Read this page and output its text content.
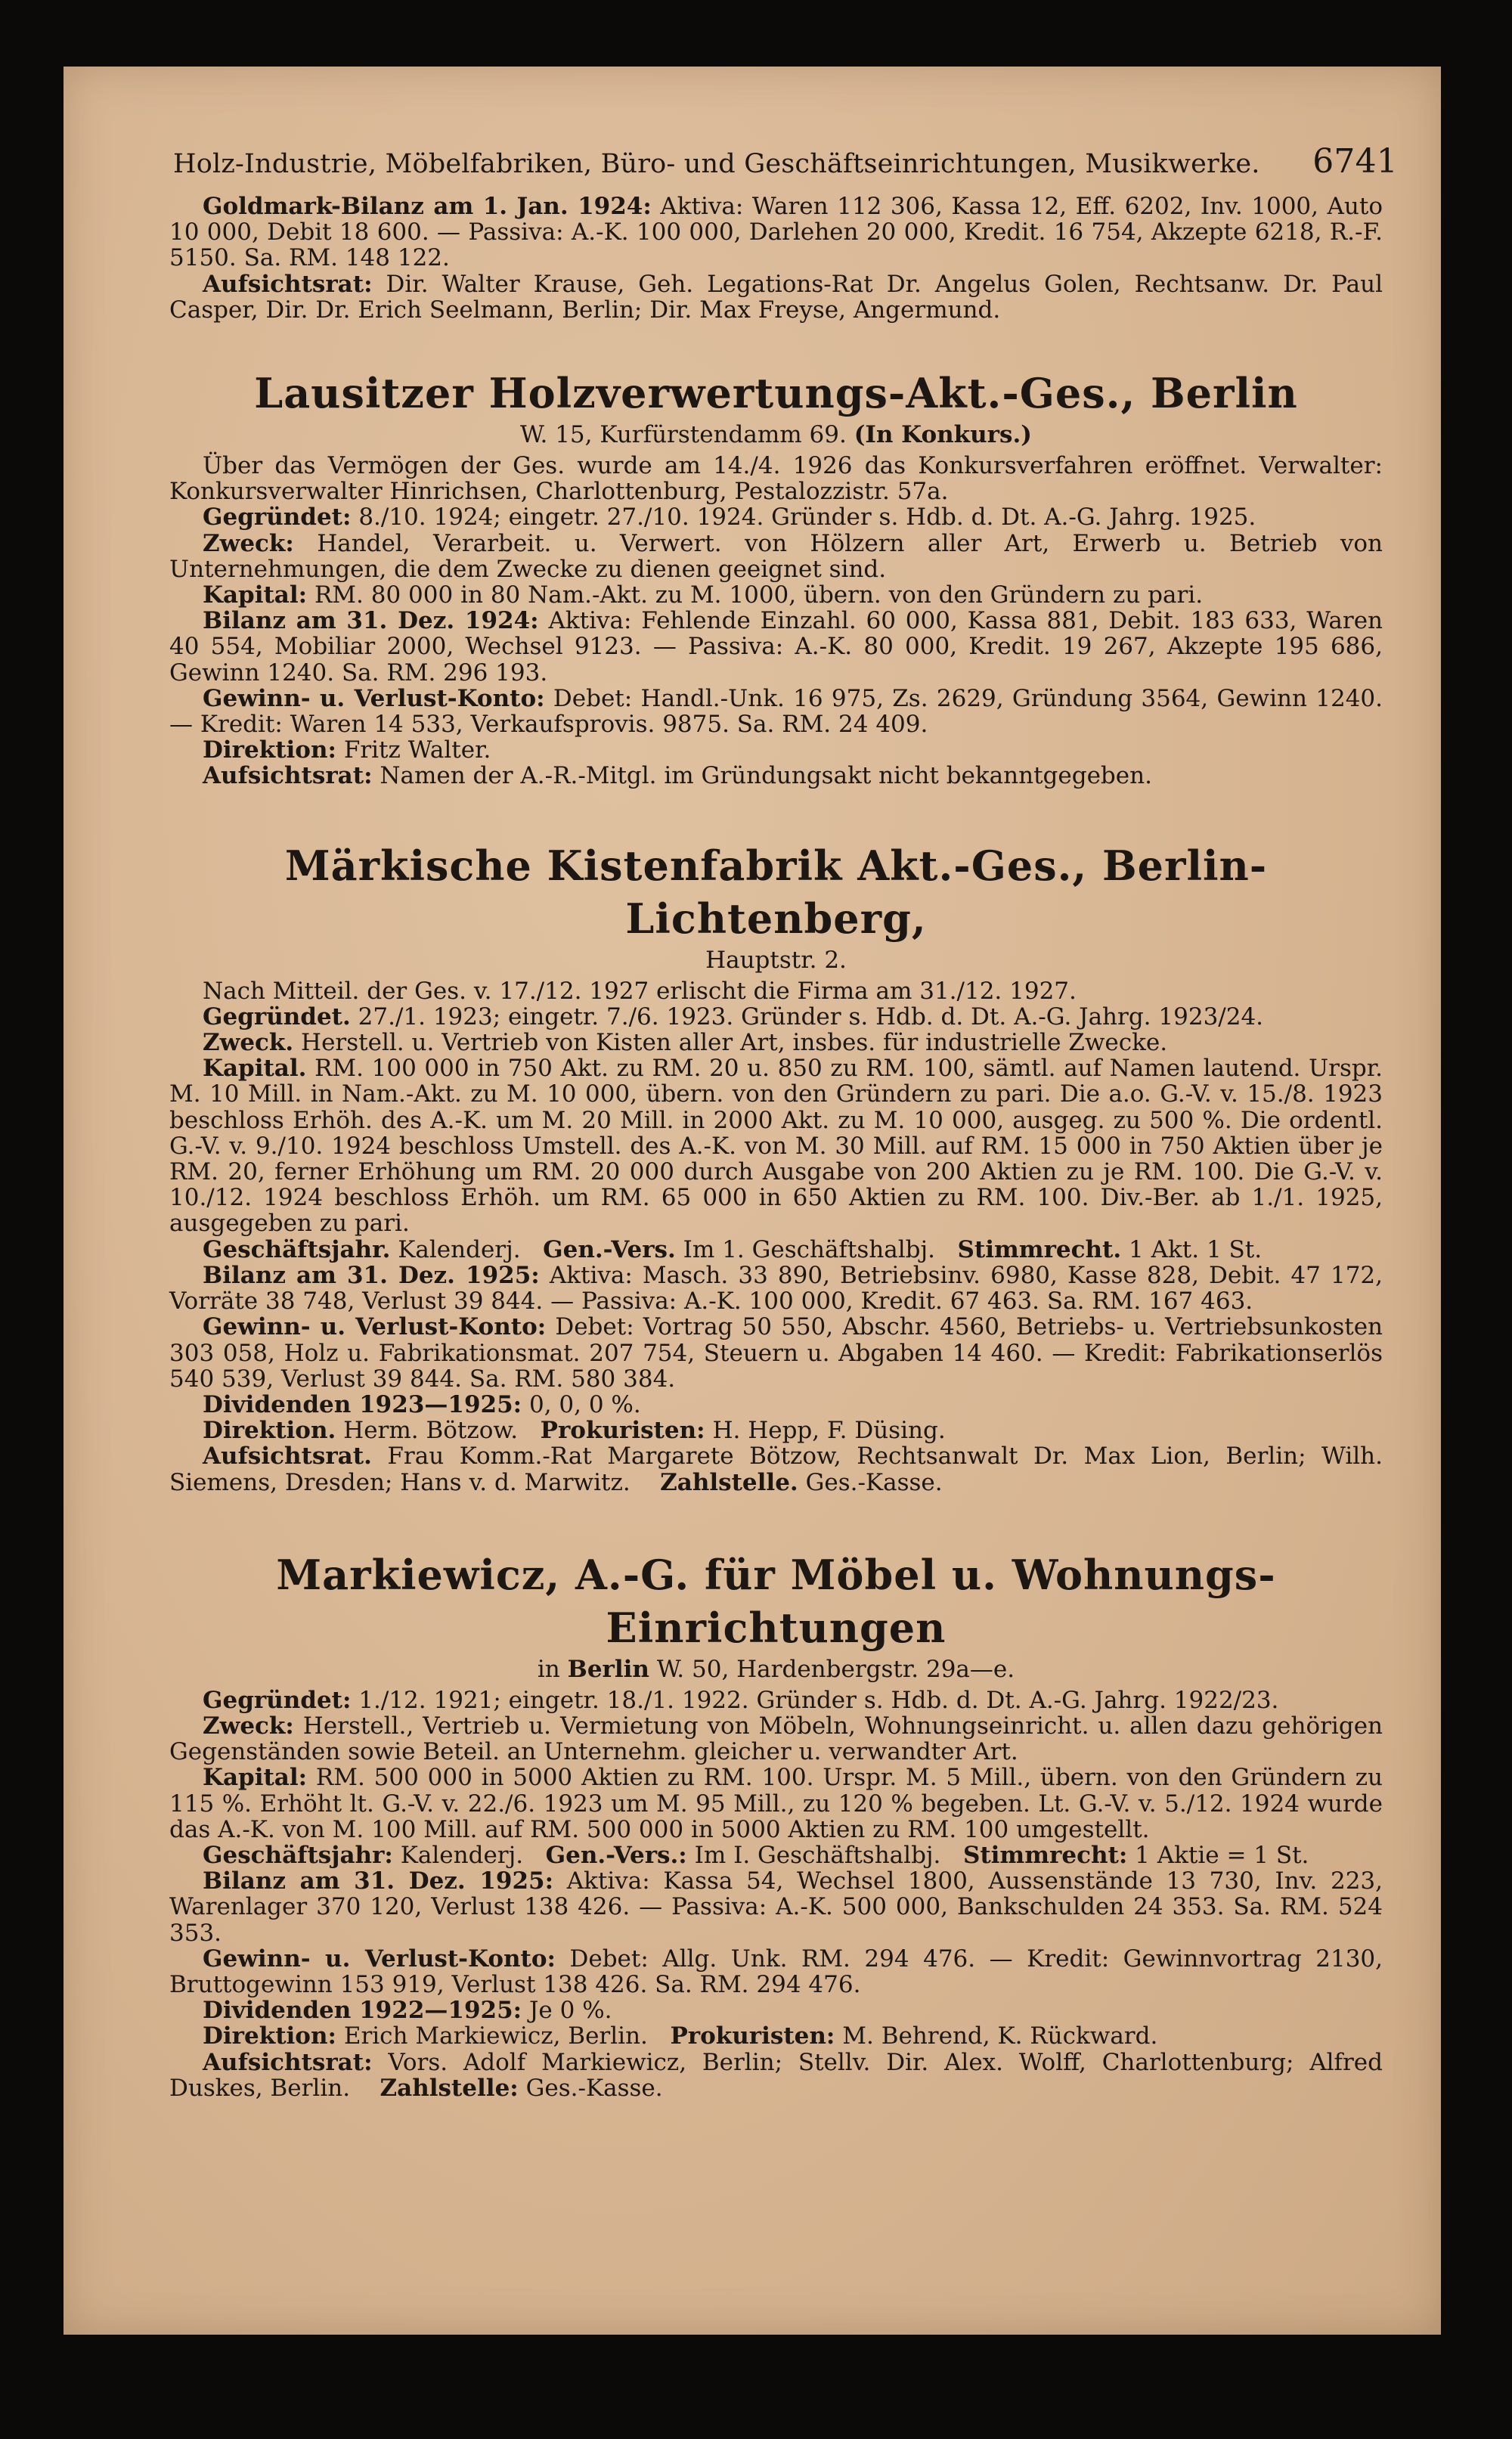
Holz-Industrie, Möbelfabriken, Büro- und Geschäftseinrichtungen, Musikwerke. 6741

Goldmark-Bilanz am 1. Jan. 1924: Aktiva: Waren 112 306, Kassa 12, Eff. 6202, Inv. 1000, Auto 10 000, Debit 18 600. — Passiva: A.-K. 100 000, Darlehen 20 000, Kredit. 16 754, Akzepte 6218, R.-F. 5150. Sa. RM. 148 122.

Aufsichtsrat: Dir. Walter Krause, Geh. Legations-Rat Dr. Angelus Golen, Rechtsanw. Dr. Paul Casper, Dir. Dr. Erich Seelmann, Berlin; Dir. Max Freyse, Angermund.

Lausitzer Holzverwertungs-Akt.-Ges., Berlin

W. 15, Kurfürstendamm 69. (In Konkurs.)

Über das Vermögen der Ges. wurde am 14./4. 1926 das Konkursverfahren eröffnet. Verwalter: Konkursverwalter Hinrichsen, Charlottenburg, Pestalozzistr. 57a.

Gegründet: 8./10. 1924; eingetr. 27./10. 1924. Gründer s. Hdb. d. Dt. A.-G. Jahrg. 1925.

Zweck: Handel, Verarbeit. u. Verwert. von Hölzern aller Art, Erwerb u. Betrieb von Unternehmungen, die dem Zwecke zu dienen geeignet sind.

Kapital: RM. 80 000 in 80 Nam.-Akt. zu M. 1000, übern. von den Gründern zu pari.

Bilanz am 31. Dez. 1924: Aktiva: Fehlende Einzahl. 60 000, Kassa 881, Debit. 183 633, Waren 40 554, Mobiliar 2000, Wechsel 9123. — Passiva: A.-K. 80 000, Kredit. 19 267, Akzepte 195 686, Gewinn 1240. Sa. RM. 296 193.

Gewinn- u. Verlust-Konto: Debet: Handl.-Unk. 16 975, Zs. 2629, Gründung 3564, Gewinn 1240. — Kredit: Waren 14 533, Verkaufsprovis. 9875. Sa. RM. 24 409.

Direktion: Fritz Walter.

Aufsichtsrat: Namen der A.-R.-Mitgl. im Gründungsakt nicht bekanntgegeben.

Märkische Kistenfabrik Akt.-Ges., Berlin-Lichtenberg,

Hauptstr. 2.

Nach Mitteil. der Ges. v. 17./12. 1927 erlischt die Firma am 31./12. 1927.

Gegründet. 27./1. 1923; eingetr. 7./6. 1923. Gründer s. Hdb. d. Dt. A.-G. Jahrg. 1923/24.

Zweck. Herstell. u. Vertrieb von Kisten aller Art, insbes. für industrielle Zwecke.

Kapital. RM. 100 000 in 750 Akt. zu RM. 20 u. 850 zu RM. 100, sämtl. auf Namen lautend. Urspr. M. 10 Mill. in Nam.-Akt. zu M. 10 000, übern. von den Gründern zu pari. Die a.o. G.-V. v. 15./8. 1923 beschloss Erhöh. des A.-K. um M. 20 Mill. in 2000 Akt. zu M. 10 000, ausgeg. zu 500 %. Die ordentl. G.-V. v. 9./10. 1924 beschloss Umstell. des A.-K. von M. 30 Mill. auf RM. 15 000 in 750 Aktien über je RM. 20, ferner Erhöhung um RM. 20 000 durch Ausgabe von 200 Aktien zu je RM. 100. Die G.-V. v. 10./12. 1924 beschloss Erhöh. um RM. 65 000 in 650 Aktien zu RM. 100. Div.-Ber. ab 1./1. 1925, ausgegeben zu pari.

Geschäftsjahr. Kalenderj. Gen.-Vers. Im 1. Geschäftshalbj. Stimmrecht. 1 Akt. 1 St.

Bilanz am 31. Dez. 1925: Aktiva: Masch. 33 890, Betriebsinv. 6980, Kasse 828, Debit. 47 172, Vorräte 38 748, Verlust 39 844. — Passiva: A.-K. 100 000, Kredit. 67 463. Sa. RM. 167 463.

Gewinn- u. Verlust-Konto: Debet: Vortrag 50 550, Abschr. 4560, Betriebs- u. Vertriebsunkosten 303 058, Holz u. Fabrikationsmat. 207 754, Steuern u. Abgaben 14 460. — Kredit: Fabrikationserlös 540 539, Verlust 39 844. Sa. RM. 580 384.

Dividenden 1923—1925: 0, 0, 0 %.

Direktion. Herm. Bötzow. Prokuristen: H. Hepp, F. Düsing.

Aufsichtsrat. Frau Komm.-Rat Margarete Bötzow, Rechtsanwalt Dr. Max Lion, Berlin; Wilh. Siemens, Dresden; Hans v. d. Marwitz. Zahlstelle. Ges.-Kasse.

Markiewicz, A.-G. für Möbel u. Wohnungs-Einrichtungen

in Berlin W. 50, Hardenbergstr. 29a—e.

Gegründet: 1./12. 1921; eingetr. 18./1. 1922. Gründer s. Hdb. d. Dt. A.-G. Jahrg. 1922/23.

Zweck: Herstell., Vertrieb u. Vermietung von Möbeln, Wohnungseinricht. u. allen dazu gehörigen Gegenständen sowie Beteil. an Unternehm. gleicher u. verwandter Art.

Kapital: RM. 500 000 in 5000 Aktien zu RM. 100. Urspr. M. 5 Mill., übern. von den Gründern zu 115 %. Erhöht lt. G.-V. v. 22./6. 1923 um M. 95 Mill., zu 120 % begeben. Lt. G.-V. v. 5./12. 1924 wurde das A.-K. von M. 100 Mill. auf RM. 500 000 in 5000 Aktien zu RM. 100 umgestellt.

Geschäftsjahr: Kalenderj. Gen.-Vers.: Im I. Geschäftshalbj. Stimmrecht: 1 Aktie = 1 St.

Bilanz am 31. Dez. 1925: Aktiva: Kassa 54, Wechsel 1800, Aussenstände 13 730, Inv. 223, Warenlager 370 120, Verlust 138 426. — Passiva: A.-K. 500 000, Bankschulden 24 353. Sa. RM. 524 353.

Gewinn- u. Verlust-Konto: Debet: Allg. Unk. RM. 294 476. — Kredit: Gewinnvortrag 2130, Bruttogewinn 153 919, Verlust 138 426. Sa. RM. 294 476.

Dividenden 1922—1925: Je 0 %.

Direktion: Erich Markiewicz, Berlin. Prokuristen: M. Behrend, K. Rückward.

Aufsichtsrat: Vors. Adolf Markiewicz, Berlin; Stellv. Dir. Alex. Wolff, Charlottenburg; Alfred Duskes, Berlin. Zahlstelle: Ges.-Kasse.
